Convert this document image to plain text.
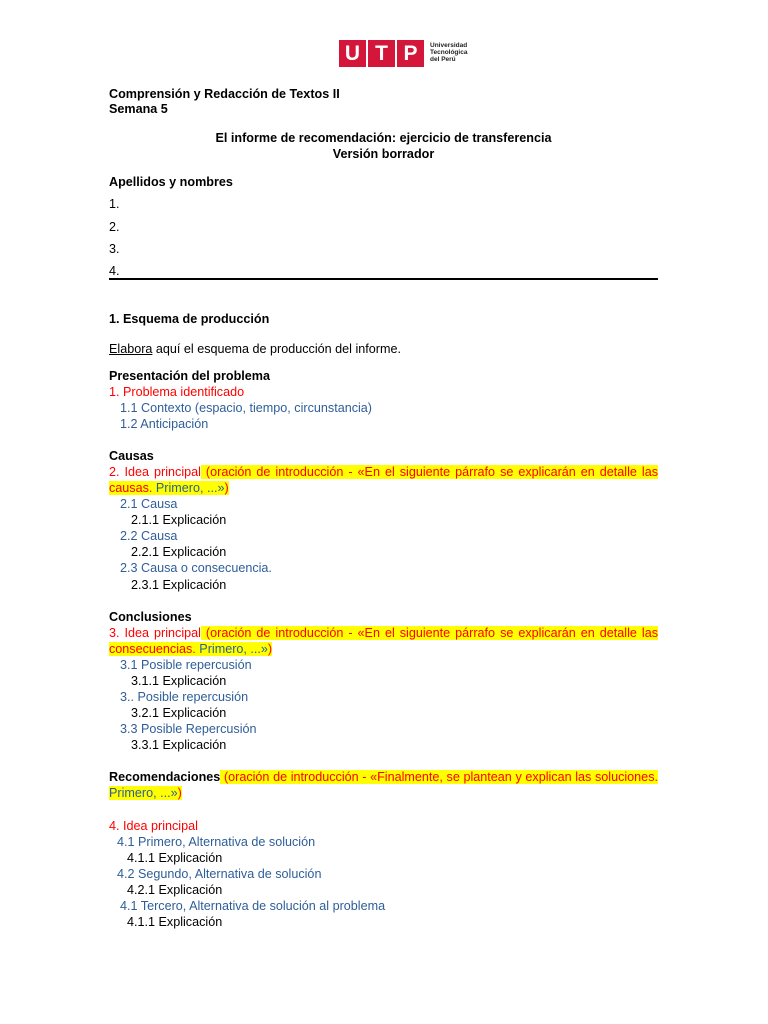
U T P	Universidad
Tecnológica
del Perú
Comprensión y Redacción de Textos II
Semana 5
El informe de recomendación: ejercicio de transferencia
Versión borrador
Apellidos y nombres
1.
2.
3.
4.
1. Esquema de producción
Elabora aquí el esquema de producción del informe.
Presentación del problema
1. Problema identificado
1.1 Contexto (espacio, tiempo, circunstancia)
1.2 Anticipación
Causas
2. Idea principal (oración de introducción - «En el siguiente párrafo se explicarán en detalle las causas. Primero, ...»)
2.1 Causa
2.1.1 Explicación
2.2 Causa
2.2.1 Explicación
2.3 Causa o consecuencia.
2.3.1 Explicación
Conclusiones
3. Idea principal (oración de introducción - «En el siguiente párrafo se explicarán en detalle las consecuencias. Primero, ...»)
3.1 Posible repercusión
3.1.1 Explicación
3.. Posible repercusión
3.2.1 Explicación
3.3 Posible Repercusión
3.3.1 Explicación
Recomendaciones (oración de introducción - «Finalmente, se plantean y explican las soluciones. Primero, ...»)
4. Idea principal
4.1 Primero, Alternativa de solución
4.1.1 Explicación
4.2 Segundo, Alternativa de solución
4.2.1 Explicación
4.1 Tercero, Alternativa de solución al problema
4.1.1 Explicación
